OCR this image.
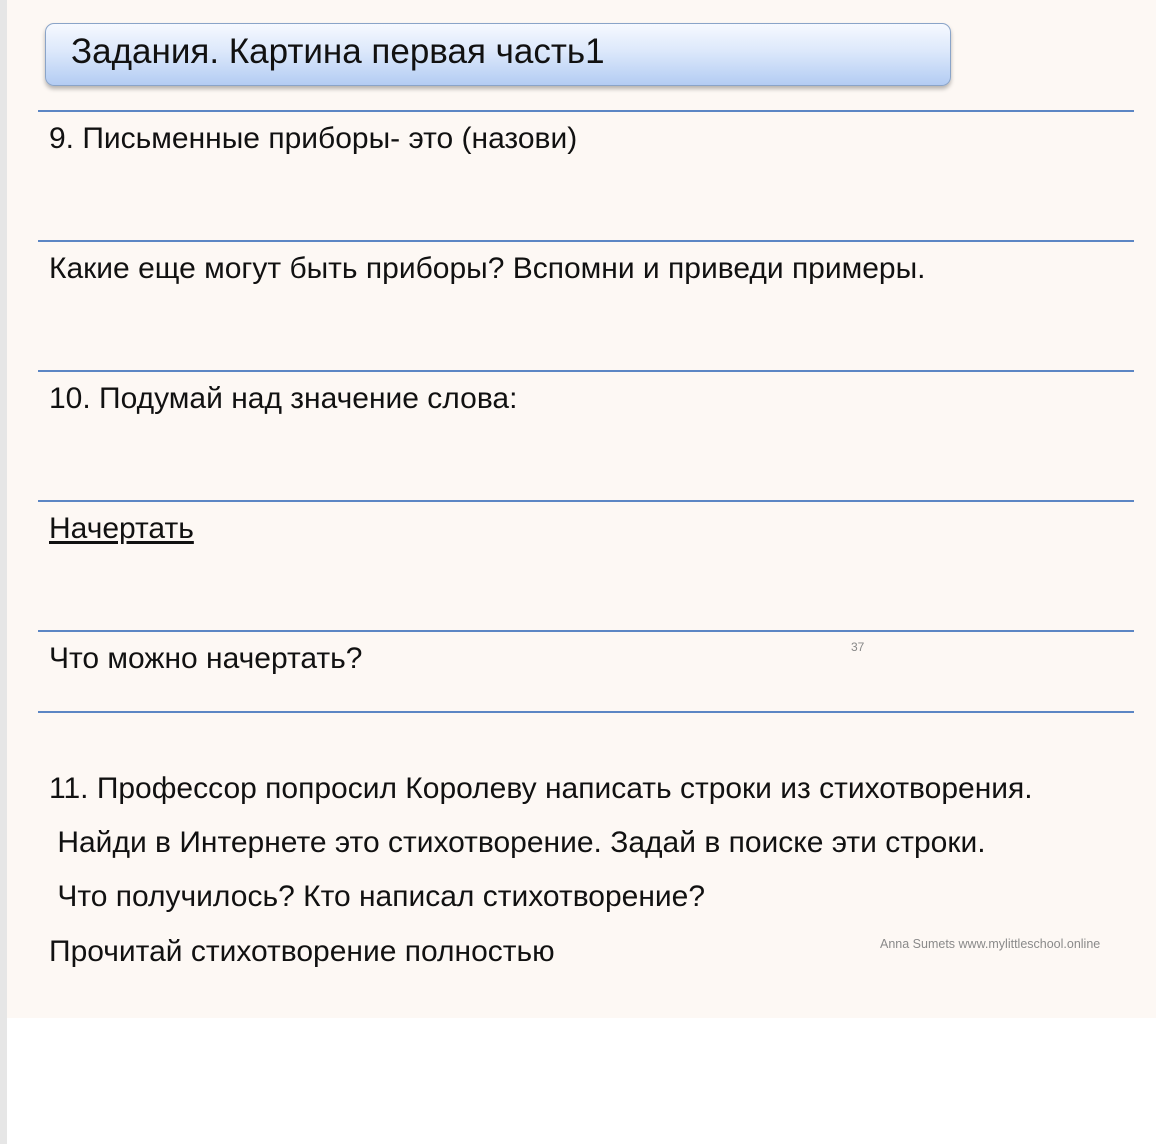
Задания. Картина первая часть1
9. Письменные приборы- это (назови)
Какие еще могут быть приборы? Вспомни и приведи примеры.
10. Подумай над значение слова:
Начертать
Что можно начертать?	37
11. Профессор попросил Королеву написать строки из стихотворения.
Найди в Интернете это стихотворение. Задай в поиске эти строки.
Что получилось? Кто написал стихотворение?
Прочитай стихотворение полностью	Anna Sumets www.mylittleschool.online
